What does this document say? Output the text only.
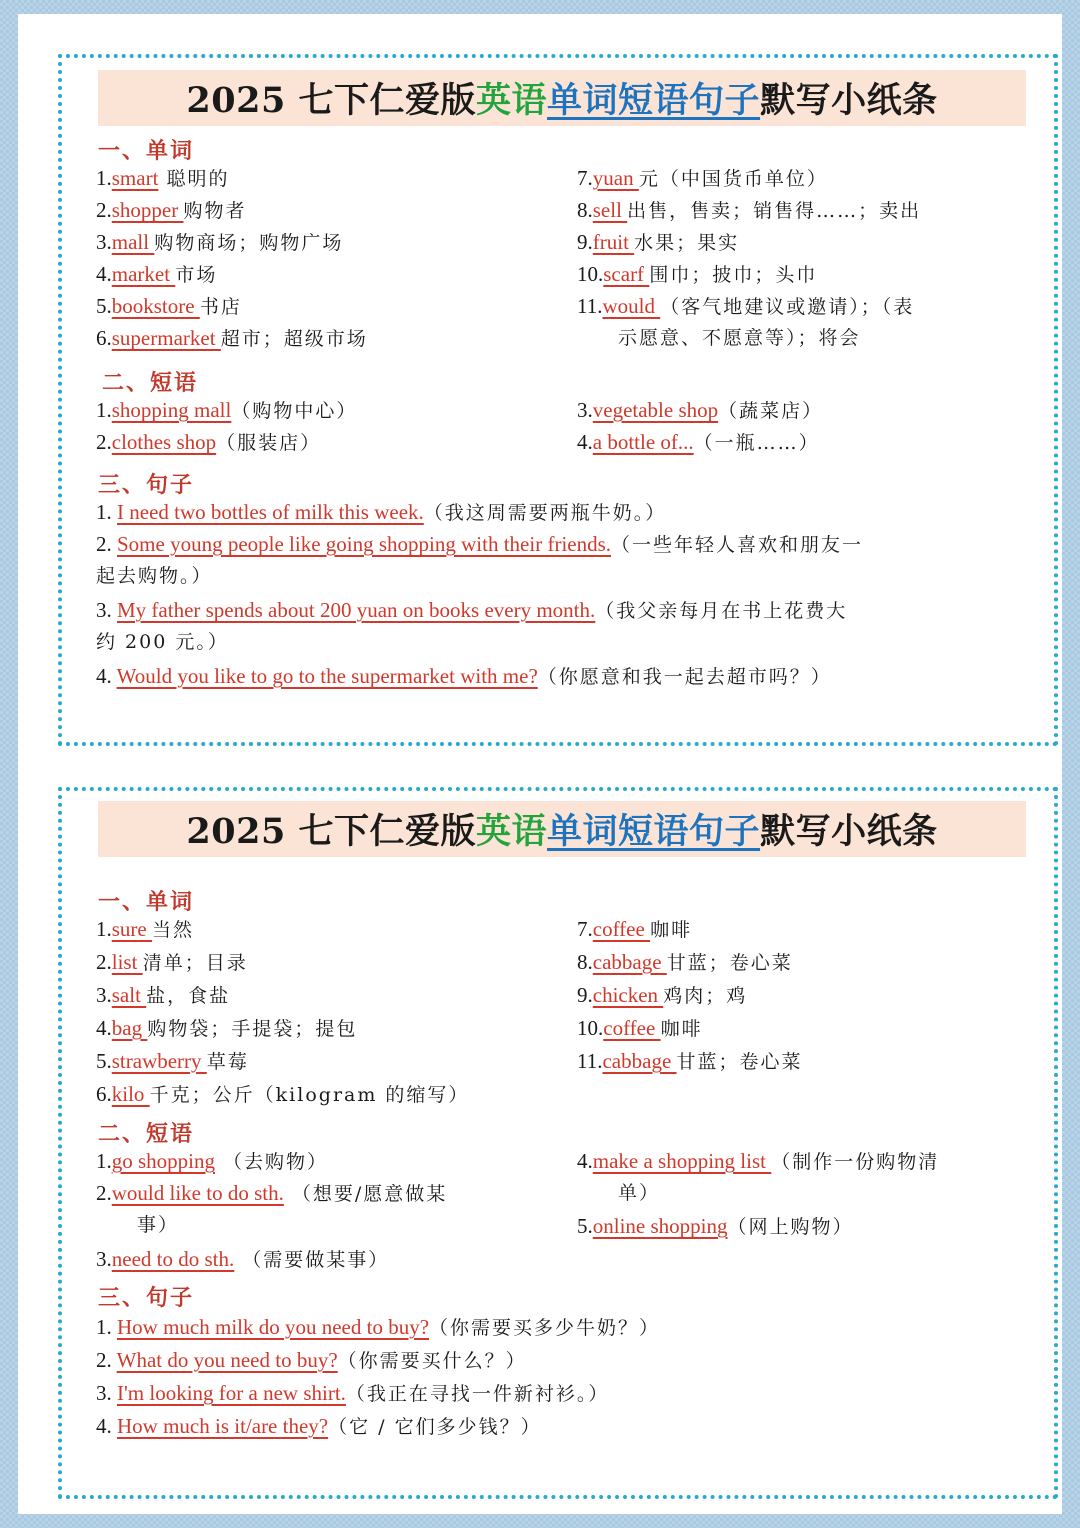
2025 七下仁爱版 英语 单词短语句子 默写小纸条
一、单词
1.smart 聪明的
2.shopper 购物者
3.mall 购物商场；购物广场
4.market 市场
5.bookstore 书店
6.supermarket 超市；超级市场
7.yuan 元（中国货币单位）
8.sell 出售，售卖；销售得……；卖出
9.fruit 水果；果实
10.scarf 围巾；披巾；头巾
11.would （客气地建议或邀请）；（表
示愿意、不愿意等）；将会
二、短语
1.shopping mall（购物中心）
2.clothes shop（服装店）
3.vegetable shop（蔬菜店）
4.a bottle of...（一瓶……）
三、句子
1. I need two bottles of milk this week.（我这周需要两瓶牛奶。）
2. Some young people like going shopping with their friends.（一些年轻人喜欢和朋友一
起去购物。）
3. My father spends about 200 yuan on books every month.（我父亲每月在书上花费大
约 200 元。）
4. Would you like to go to the supermarket with me?（你愿意和我一起去超市吗？）
2025 七下仁爱版 英语 单词短语句子 默写小纸条
一、单词
1.sure 当然
2.list 清单；目录
3.salt 盐，食盐
4.bag 购物袋；手提袋；提包
5.strawberry 草莓
6.kilo 千克；公斤（kilogram 的缩写）
7.coffee 咖啡
8.cabbage 甘蓝；卷心菜
9.chicken 鸡肉；鸡
10.coffee 咖啡
11.cabbage 甘蓝；卷心菜
二、短语
1.go shopping （去购物）
2.would like to do sth. （想要/愿意做某
事）
3.need to do sth. （需要做某事）
4.make a shopping list （制作一份购物清
单）
5.online shopping（网上购物）
三、句子
1. How much milk do you need to buy?（你需要买多少牛奶？）
2. What do you need to buy?（你需要买什么？）
3. I'm looking for a new shirt.（我正在寻找一件新衬衫。）
4. How much is it/are they?（它 / 它们多少钱？）
